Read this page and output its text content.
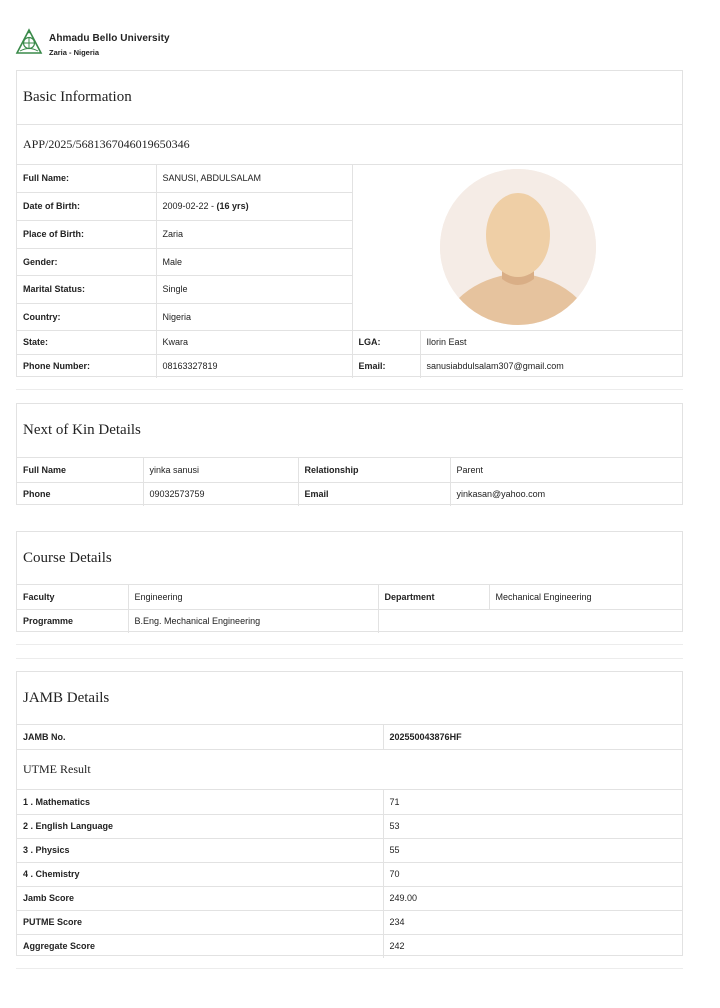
Ahmadu Bello University
Zaria - Nigeria
Basic Information
APP/2025/5681367046019650346
Full Name:	SANUSI, ABDULSALAM	

Date of Birth:	2009-02-22 - (16 yrs)		
Place of Birth:	Zaria		
Gender:	Male		
Marital Status:	Single		
Country:	Nigeria		
State:	Kwara	LGA:	Ilorin East
Phone Number:	08163327819	Email:	sanusiabdulsalam307@gmail.com
Next of Kin Details
Full Name	yinka sanusi	Relationship	Parent
Phone	09032573759	Email	yinkasan@yahoo.com
Course Details
Faculty	Engineering	Department	Mechanical Engineering
Programme	B.Eng. Mechanical Engineering		
JAMB Details
JAMB No.	202550043876HF
UTME Result
1 . Mathematics	71
2 . English Language	53
3 . Physics	55
4 . Chemistry	70
Jamb Score	249.00
PUTME Score	234
Aggregate Score	242
